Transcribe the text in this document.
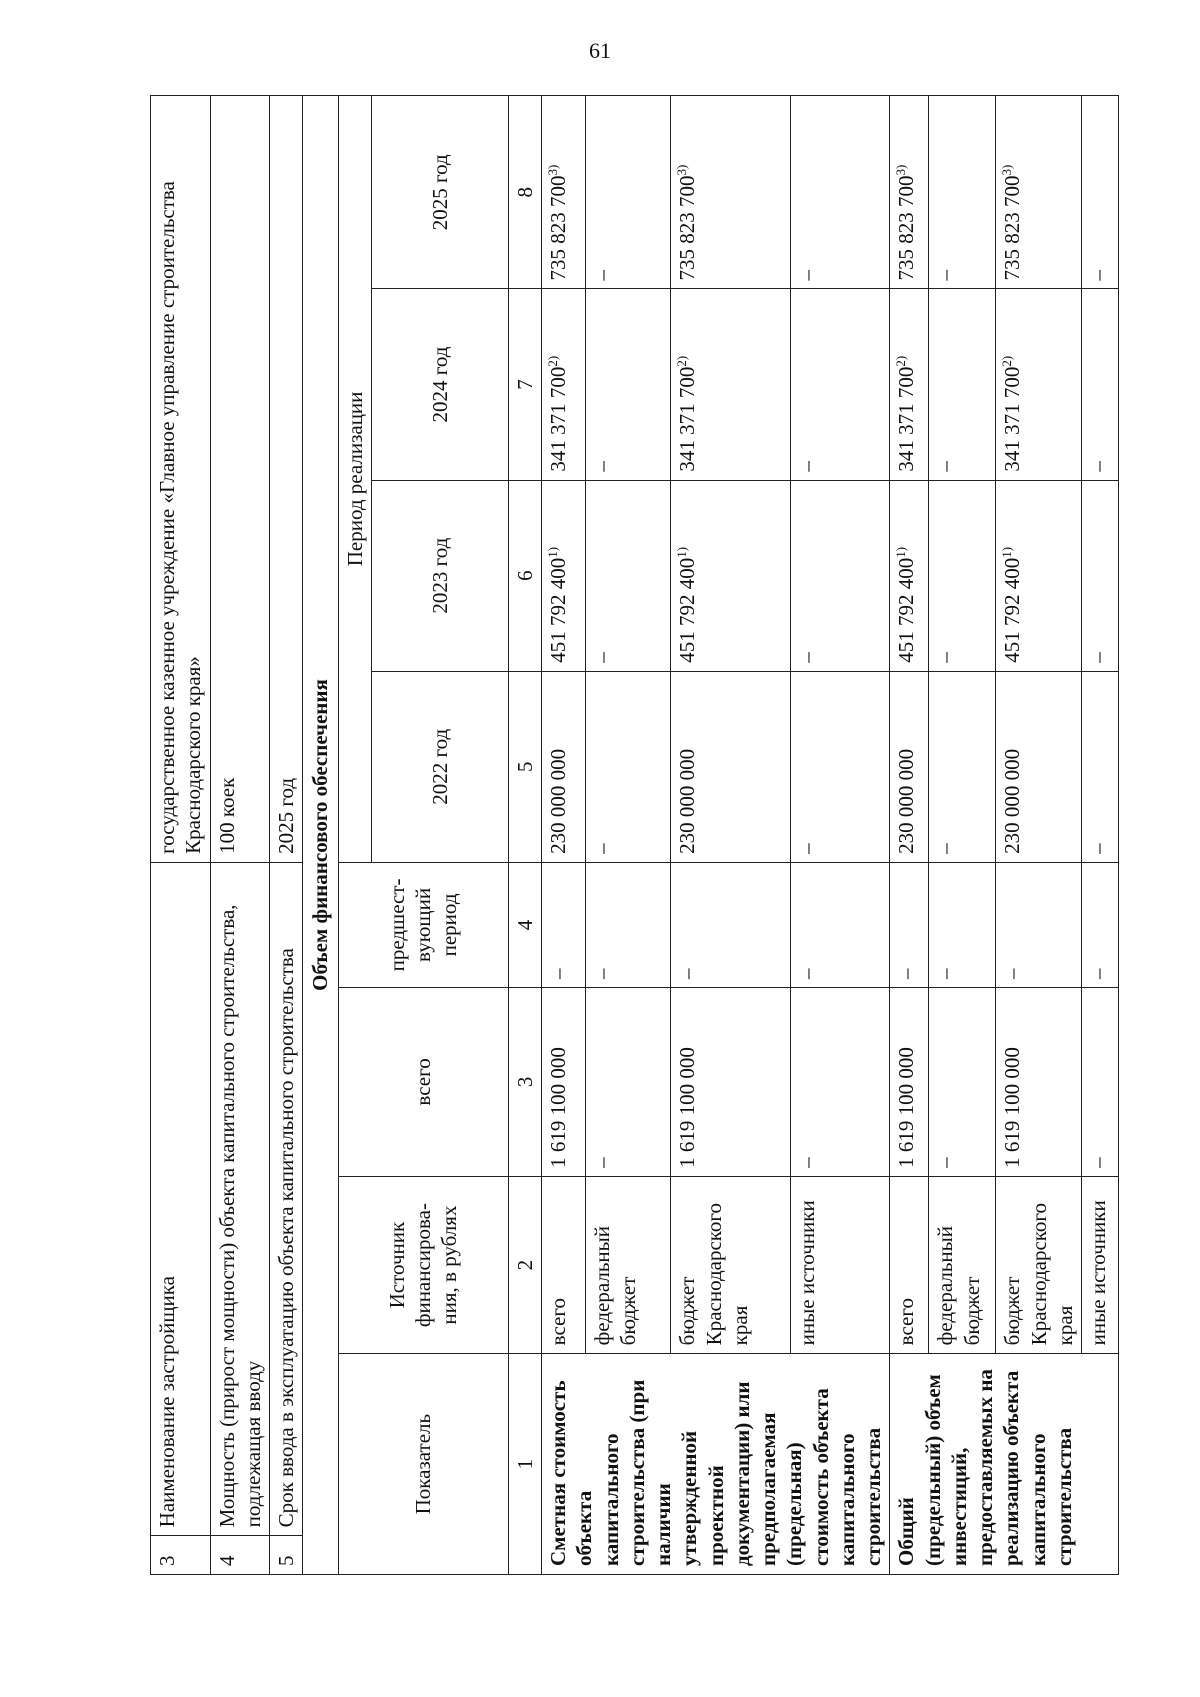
61
3	Наименование застройщика				государственное казенное учреждение «Главное управление строительства Краснодарского края»			
4	Мощность (прирост мощности) объекта капитального строительства, подлежащая вводу				100 коек			
5	Срок ввода в эксплуатацию объекта капитального строительства				2025 год			
Объем финансового обеспечения								
Показатель		Источник финансирова-ния, в рублях	всего	предшест-вующий период	Период реализации			
					2022 год	2023 год	2024 год	2025 год
1		2	3	4	5	6	7	8
Сметная стоимость объекта капитального строительства (при наличии утвержденной проектной документации) или предполагаемая (предельная) стоимость объекта капитального строительства		всего	1 619 100 000	–	230 000 000	451 792 400$^{1)}$	341 371 700$^{2)}$	735 823 700$^{3)}$
		федеральный бюджет	–	–	–	–	–	–
		бюджет Краснодарского края	1 619 100 000	–	230 000 000	451 792 400$^{1)}$	341 371 700$^{2)}$	735 823 700$^{3)}$
		иные источники	–	–	–	–	–	–
Общий (предельный) объем инвестиций, предоставляемых на реализацию объекта капитального строительства		всего	1 619 100 000	–	230 000 000	451 792 400$^{1)}$	341 371 700$^{2)}$	735 823 700$^{3)}$
		федеральный бюджет	–	–	–	–	–	–
		бюджет Краснодарского края	1 619 100 000	–	230 000 000	451 792 400$^{1)}$	341 371 700$^{2)}$	735 823 700$^{3)}$
		иные источники	–	–	–	–	–	–
